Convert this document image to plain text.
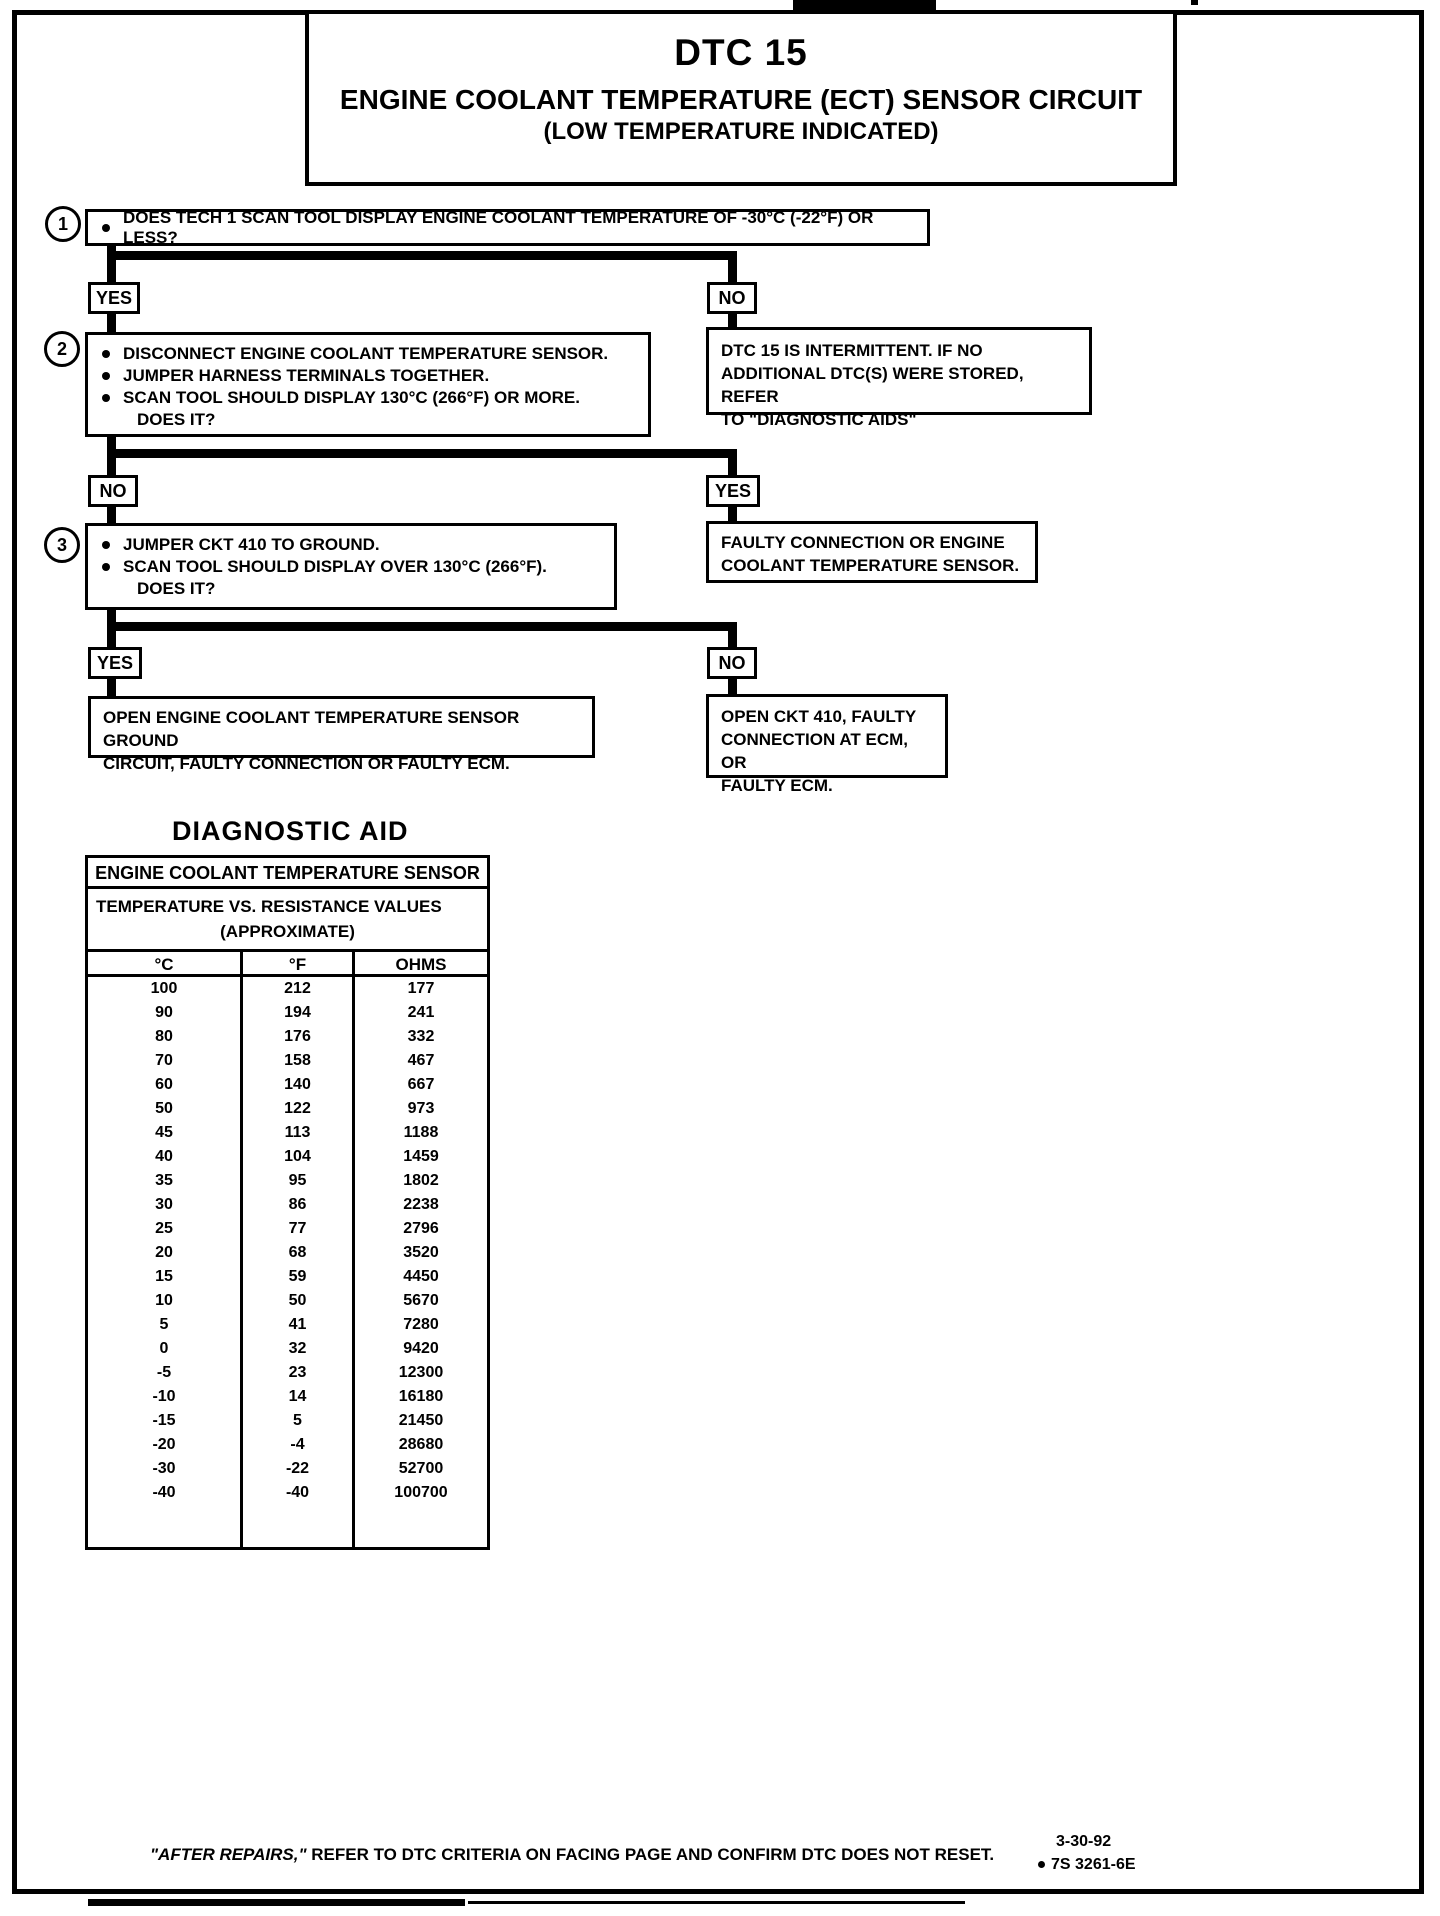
DTC 15
ENGINE COOLANT TEMPERATURE (ECT) SENSOR CIRCUIT
(LOW TEMPERATURE INDICATED)
1	DOES TECH 1 SCAN TOOL DISPLAY ENGINE COOLANT TEMPERATURE OF -30°C (-22°F) OR LESS?
YES	NO
2	DISCONNECT ENGINE COOLANT TEMPERATURE SENSOR.
JUMPER HARNESS TERMINALS TOGETHER.
SCAN TOOL SHOULD DISPLAY 130°C (266°F) OR MORE.
DOES IT?
DTC 15 IS INTERMITTENT. IF NO
ADDITIONAL DTC(S) WERE STORED, REFER
TO "DIAGNOSTIC AIDS"
NO	YES
3	JUMPER CKT 410 TO GROUND.
SCAN TOOL SHOULD DISPLAY OVER 130°C (266°F).
DOES IT?
FAULTY CONNECTION OR ENGINE
COOLANT TEMPERATURE SENSOR.
YES	NO
OPEN ENGINE COOLANT TEMPERATURE SENSOR GROUND
CIRCUIT, FAULTY CONNECTION OR FAULTY ECM.
OPEN CKT 410, FAULTY
CONNECTION AT ECM, OR
FAULTY ECM.
DIAGNOSTIC AID
ENGINE COOLANT TEMPERATURE SENSOR
TEMPERATURE VS. RESISTANCE VALUES
(APPROXIMATE)
°C	°F	OHMS
100	212	177
90	194	241
80	176	332
70	158	467
60	140	667
50	122	973
45	113	1188
40	104	1459
35	95	1802
30	86	2238
25	77	2796
20	68	3520
15	59	4450
10	50	5670
5	41	7280
0	32	9420
-5	23	12300
-10	14	16180
-15	5	21450
-20	-4	28680
-30	-22	52700
-40	-40	100700
"AFTER REPAIRS," REFER TO DTC CRITERIA ON FACING PAGE AND CONFIRM DTC DOES NOT RESET.
3-30-92
7S 3261-6E
